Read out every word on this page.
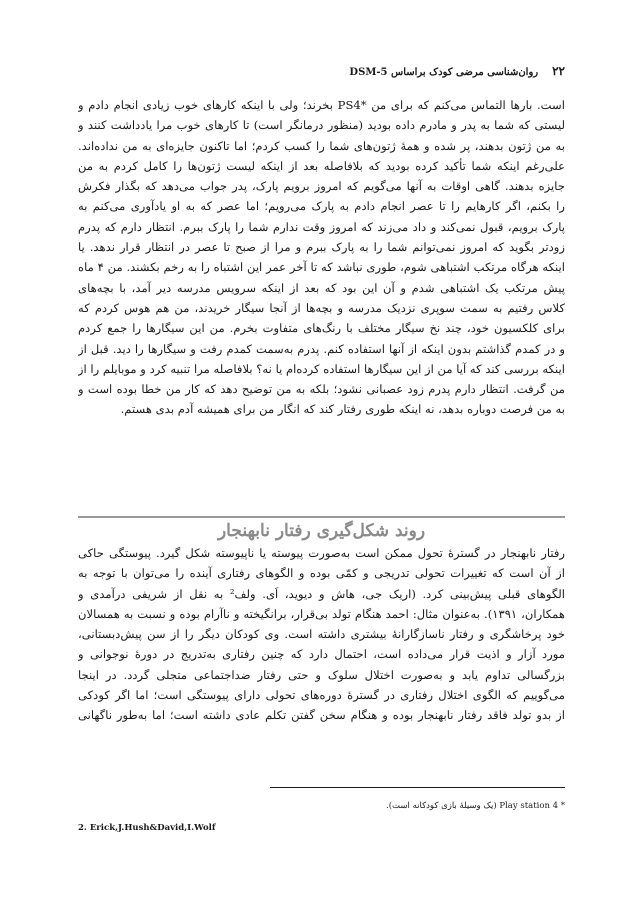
۲۲
روان‌شناسی مرضی کودک براساس DSM-5
است. بارها التماس می‌کنم که برای من *PS4 بخرند؛ ولی با اینکه کارهای خوب زیادی انجام دادم و
لیستی که شما به پدر و مادرم داده بودید (منظور درمانگر است) تا کارهای خوب مرا یادداشت کنند و
به من ژتون بدهند، پر شده و همهٔ ژتون‌های شما را کسب کردم؛ اما تاکنون جایزه‌ای به من نداده‌اند.
علی‌رغم اینکه شما تأکید کرده بودید که بلافاصله بعد از اینکه لیست ژتون‌ها را کامل کردم به من
جایزه بدهند. گاهی اوقات به آنها می‌گویم که امروز برویم پارک، پدر جواب می‌دهد که بگذار فکرش
را بکنم، اگر کارهایم را تا عصر انجام دادم به پارک می‌رویم؛ اما عصر که به او یادآوری می‌کنم به
پارک برویم، قبول نمی‌کند و داد می‌زند که امروز وقت ندارم شما را پارک ببرم. انتظار دارم که پدرم
زودتر بگوید که امروز نمی‌توانم شما را به پارک ببرم و مرا از صبح تا عصر در انتظار قرار ندهد. یا
اینکه هرگاه مرتکب اشتباهی شوم، طوری نباشد که تا آخر عمر این اشتباه را به رخم بکشند. من ۴ ماه
پیش مرتکب یک اشتباهی شدم و آن این بود که بعد از اینکه سرویس مدرسه دیر آمد، با بچه‌های
کلاس رفتیم به سمت سوپری نزدیک مدرسه و بچه‌ها از آنجا سیگار خریدند، من هم هوس کردم که
برای کلکسیون خود، چند نخ سیگار مختلف با رنگ‌های متفاوت بخرم. من این سیگارها را جمع کردم
و در کمدم گذاشتم بدون اینکه از آنها استفاده کنم. پدرم به‌سمت کمدم رفت و سیگارها را دید. قبل از
اینکه بررسی کند که آیا من از این سیگارها استفاده کرده‌ام یا نه؟ بلافاصله مرا تنبیه کرد و موبایلم را از
من گرفت. انتظار دارم پدرم زود عصبانی نشود؛ بلکه به من توضیح دهد که کار من خطا بوده است و
به من فرصت دوباره بدهد، نه اینکه طوری رفتار کند که انگار من برای همیشه آدم بدی هستم.
روند شکل‌گیری رفتار نابهنجار
رفتار نابهنجار در گسترهٔ تحول ممکن است به‌صورت پیوسته یا ناپیوسته شکل گیرد. پیوستگی حاکی
از آن است که تغییرات تحولی تدریجی و کمّی بوده و الگوهای رفتاری آینده را می‌توان با توجه به
الگوهای قبلی پیش‌بینی کرد. (اریک جی، هاش و دیوید، اَی. ولف² به نقل از شریفی درآمدی و
همکاران، ۱۳۹۱). به‌عنوان مثال: احمد هنگام تولد بی‌قرار، برانگیخته و ناآرام بوده و نسبت به همسالان
خود پرخاشگری و رفتار ناسازگارانهٔ بیشتری داشته است. وی کودکان دیگر را از سن پیش‌دبستانی،
مورد آزار و اذیت قرار می‌داده است، احتمال دارد که چنین رفتاری به‌تدریج در دورهٔ نوجوانی و
بزرگسالی تداوم یابد و به‌صورت اختلال سلوک و حتی رفتار ضداجتماعی متجلی گردد. در اینجا
می‌گوییم که الگوی اختلال رفتاری در گسترهٔ دوره‌های تحولی دارای پیوستگی است؛ اما اگر کودکی
از بدو تولد فاقد رفتار نابهنجار بوده و هنگام سخن گفتن تکلم عادی داشته است؛ اما به‌طور ناگهانی
* Play station 4 (یک وسیلهٔ بازی کودکانه است).
2. Erick,J.Hush&David,I.Wolf
